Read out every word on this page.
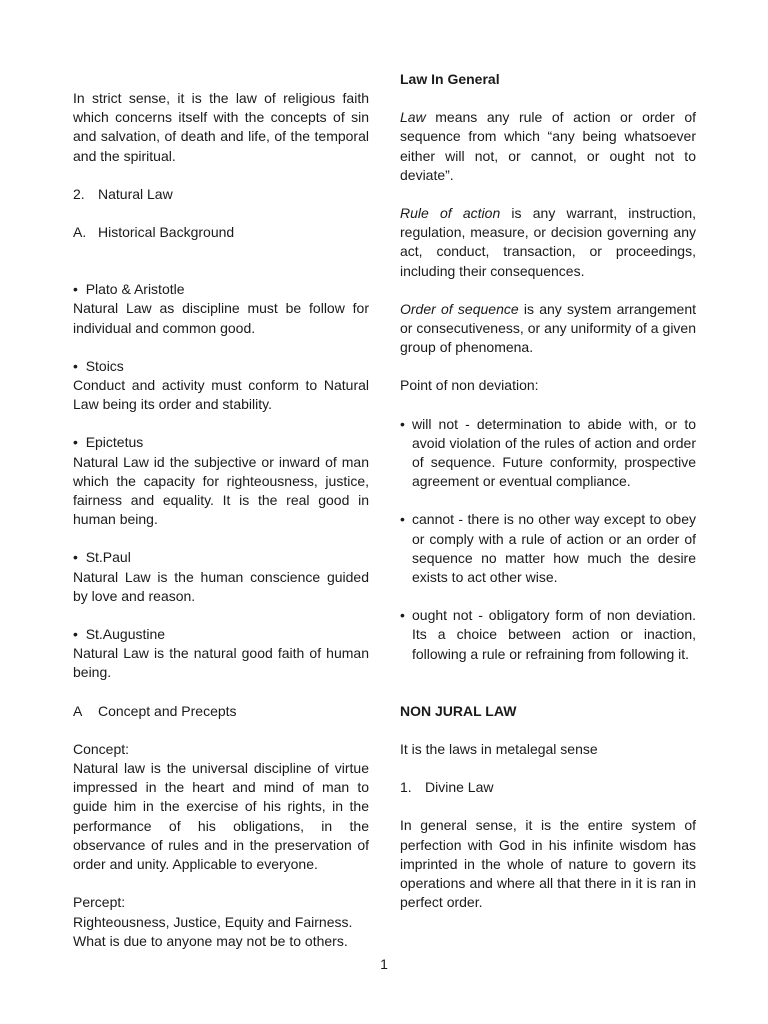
In strict sense, it is the law of religious faith which concerns itself with the concepts of sin and salvation, of death and life, of the temporal and the spiritual.

2. Natural Law

A. Historical Background

• Plato & Aristotle

Natural Law as discipline must be follow for individual and common good.

• Stoics

Conduct and activity must conform to Natural Law being its order and stability.

• Epictetus

Natural Law id the subjective or inward of man which the capacity for righteousness, justice, fairness and equality. It is the real good in human being.

• St.Paul

Natural Law is the human conscience guided by love and reason.

• St.Augustine

Natural Law is the natural good faith of human being.

A Concept and Precepts

Concept:

Natural law is the universal discipline of virtue impressed in the heart and mind of man to guide him in the exercise of his rights, in the performance of his obligations, in the observance of rules and in the preservation of order and unity. Applicable to everyone.

Percept:

Righteousness, Justice, Equity and Fairness.

What is due to anyone may not be to others.

Law In General

Law means any rule of action or order of sequence from which “any being whatsoever either will not, or cannot, or ought not to deviate”.

Rule of action is any warrant, instruction, regulation, measure, or decision governing any act, conduct, transaction, or proceedings, including their consequences.

Order of sequence is any system arrangement or consecutiveness, or any uniformity of a given group of phenomena.

Point of non deviation:

• will not - determination to abide with, or to avoid violation of the rules of action and order of sequence. Future conformity, prospective agreement or eventual compliance.
• cannot - there is no other way except to obey or comply with a rule of action or an order of sequence no matter how much the desire exists to act other wise.
• ought not - obligatory form of non deviation. Its a choice between action or inaction, following a rule or refraining from following it.

NON JURAL LAW

It is the laws in metalegal sense

1. Divine Law

In general sense, it is the entire system of perfection with God in his infinite wisdom has imprinted in the whole of nature to govern its operations and where all that there in it is ran in perfect order.

1
